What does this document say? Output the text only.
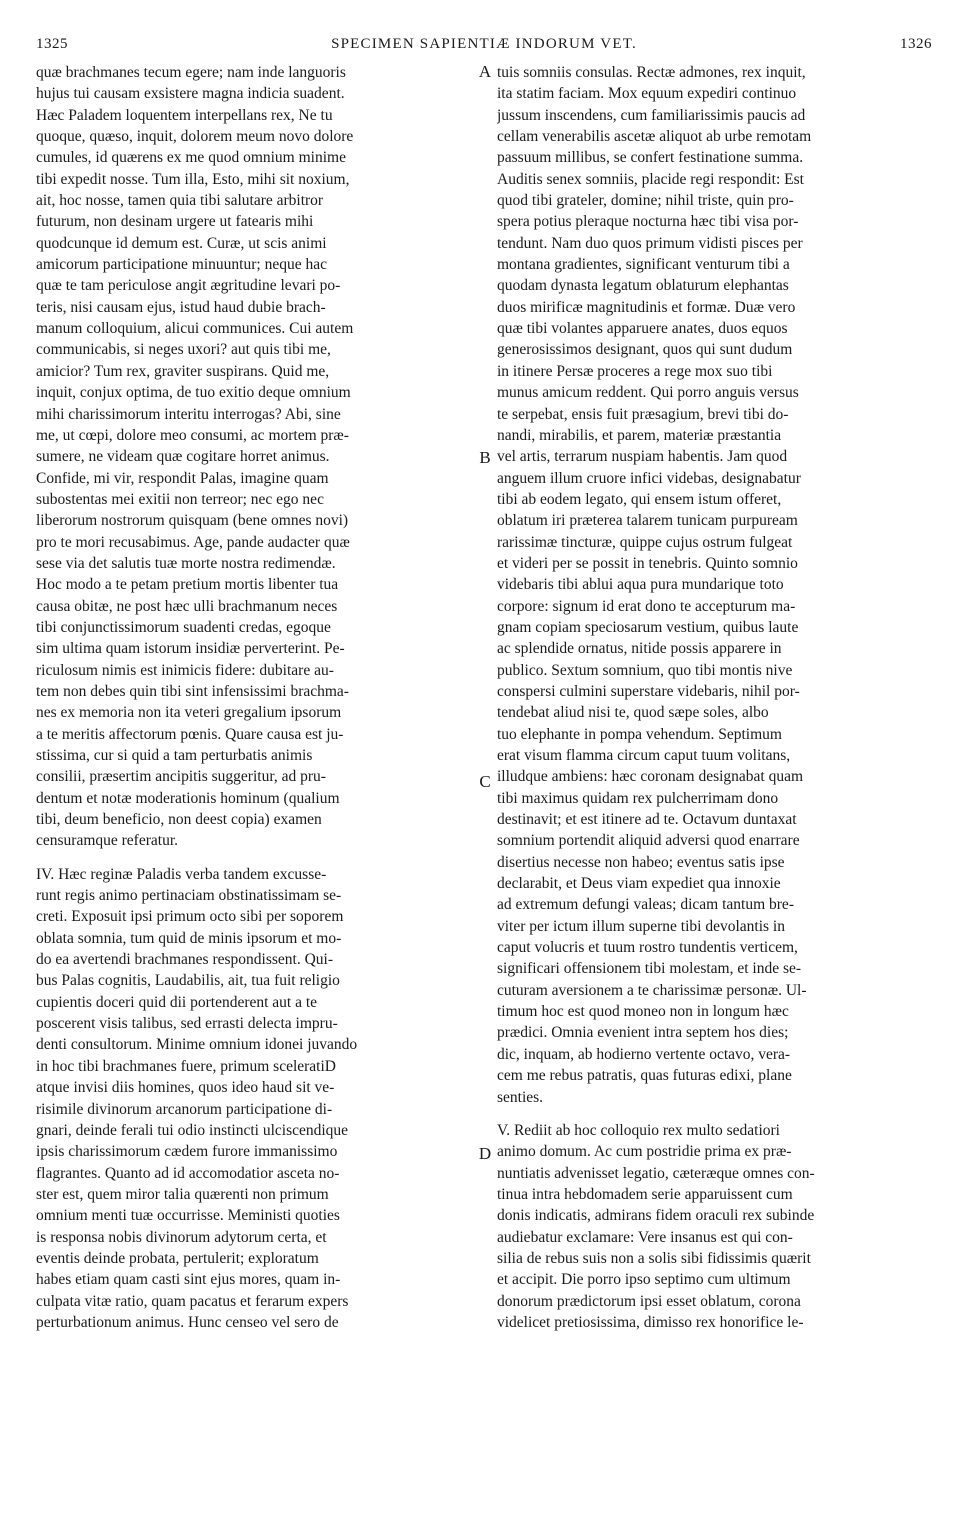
1325	SPECIMEN SAPIENTIÆ INDORUM VET.	1326
quæ brachmanes tecum egere; nam inde languoris
hujus tui causam exsistere magna indicia suadent.
Hæc Paladem loquentem interpellans rex, Ne tu
quoque, quæso, inquit, dolorem meum novo dolore
cumules, id quærens ex me quod omnium minime
tibi expedit nosse. Tum illa, Esto, mihi sit noxium,
ait, hoc nosse, tamen quia tibi salutare arbitror
futurum, non desinam urgere ut fatearis mihi
quodcunque id demum est. Curæ, ut scis animi
amicorum participatione minuuntur; neque hac
quæ te tam periculose angit ægritudine levari po-
teris, nisi causam ejus, istud haud dubie brach-
manum colloquium, alicui communices. Cui autem
communicabis, si neges uxori? aut quis tibi me,
amicior? Tum rex, graviter suspirans. Quid me,
inquit, conjux optima, de tuo exitio deque omnium
mihi charissimorum interitu interrogas? Abi, sine
me, ut cœpi, dolore meo consumi, ac mortem præ-
sumere, ne videam quæ cogitare horret animus.
Confide, mi vir, respondit Palas, imagine quam
subostentas mei exitii non terreor; nec ego nec
liberorum nostrorum quisquam (bene omnes novi)
pro te mori recusabimus. Age, pande audacter quæ
sese via det salutis tuæ morte nostra redimendæ.
Hoc modo a te petam pretium mortis libenter tua
causa obitæ, ne post hæc ulli brachmanum neces
tibi conjunctissimorum suadenti credas, egoque
sim ultima quam istorum insidiæ perverterint. Pe-
riculosum nimis est inimicis fidere: dubitare au-
tem non debes quin tibi sint infensissimi brachma-
nes ex memoria non ita veteri gregalium ipsorum
a te meritis affectorum pœnis. Quare causa est ju-
stissima, cur si quid a tam perturbatis animis
consilii, præsertim ancipitis suggeritur, ad pru-
dentum et notæ moderationis hominum (qualium
tibi, deum beneficio, non deest copia) examen
censuramque referatur.
IV. Hæc reginæ Paladis verba tandem excusse-
runt regis animo pertinaciam obstinatissimam se-
creti. Exposuit ipsi primum octo sibi per soporem
oblata somnia, tum quid de minis ipsorum et mo-
do ea avertendi brachmanes respondissent. Qui-
bus Palas cognitis, Laudabilis, ait, tua fuit religio
cupientis doceri quid dii portenderent aut a te
poscerent visis talibus, sed errasti delecta impru-
denti consultorum. Minime omnium idonei juvando
in hoc tibi brachmanes fuere, primum sceleratiD
atque invisi diis homines, quos ideo haud sit ve-
risimile divinorum arcanorum participatione di-
gnari, deinde ferali tui odio instincti ulciscendique
ipsis charissimorum cædem furore immanissimo
flagrantes. Quanto ad id accomodatior asceta no-
ster est, quem miror talia quærenti non primum
omnium menti tuæ occurrisse. Meministi quoties
is responsa nobis divinorum adytorum certa, et
eventis deinde probata, pertulerit; exploratum
habes etiam quam casti sint ejus mores, quam in-
culpata vitæ ratio, quam pacatus et ferarum expers
perturbationum animus. Hunc censeo vel sero de
tuis somniis consulas. Rectæ admones, rex inquit,
ita statim faciam. Mox equum expediri continuo
jussum inscendens, cum familiarissimis paucis ad
cellam venerabilis ascetæ aliquot ab urbe remotam
passuum millibus, se confert festinatione summa.
Auditis senex somniis, placide regi respondit: Est
quod tibi grateler, domine; nihil triste, quin pro-
spera potius pleraque nocturna hæc tibi visa por-
tendunt. Nam duo quos primum vidisti pisces per
montana gradientes, significant venturum tibi a
quodam dynasta legatum oblaturum elephantas
duos mirificæ magnitudinis et formæ. Duæ vero
quæ tibi volantes apparuere anates, duos equos
generosissimos designant, quos qui sunt dudum
in itinere Persæ proceres a rege mox suo tibi
munus amicum reddent. Qui porro anguis versus
te serpebat, ensis fuit præsagium, brevi tibi do-
nandi, mirabilis, et parem, materiæ præstantia
vel artis, terrarum nuspiam habentis. Jam quod
anguem illum cruore infici videbas, designabatur
tibi ab eodem legato, qui ensem istum offeret,
oblatum iri præterea talarem tunicam purpuream
rarissimæ tincturæ, quippe cujus ostrum fulgeat
et videri per se possit in tenebris. Quinto somnio
videbaris tibi ablui aqua pura mundarique toto
corpore: signum id erat dono te accepturum ma-
gnam copiam speciosarum vestium, quibus laute
ac splendide ornatus, nitide possis apparere in
publico. Sextum somnium, quo tibi montis nive
conspersi culmini superstare videbaris, nihil por-
tendebat aliud nisi te, quod sæpe soles, albo
tuo elephante in pompa vehendum. Septimum
erat visum flamma circum caput tuum volitans,
illudque ambiens: hæc coronam designabat quam
tibi maximus quidam rex pulcherrimam dono
destinavit; et est itinere ad te. Octavum duntaxat
somnium portendit aliquid adversi quod enarrare
disertius necesse non habeo; eventus satis ipse
declarabit, et Deus viam expediet qua innoxie
ad extremum defungi valeas; dicam tantum bre-
viter per ictum illum superne tibi devolantis in
caput volucris et tuum rostro tundentis verticem,
significari offensionem tibi molestam, et inde se-
cuturam aversionem a te charissimæ personæ. Ul-
timum hoc est quod moneo non in longum hæc
prædici. Omnia evenient intra septem hos dies;
dic, inquam, ab hodierno vertente octavo, vera-
cem me rebus patratis, quas futuras edixi, plane
senties.
V. Rediit ab hoc colloquio rex multo sedatiori
animo domum. Ac cum postridie prima ex præ-
nuntiatis advenisset legatio, cæteræque omnes con-
tinua intra hebdomadem serie apparuissent cum
donis indicatis, admirans fidem oraculi rex subinde
audiebatur exclamare: Vere insanus est qui con-
silia de rebus suis non a solis sibi fidissimis quærit
et accipit. Die porro ipso septimo cum ultimum
donorum prædictorum ipsi esset oblatum, corona
videlicet pretiosissima, dimisso rex honorifice le-
A
B
C
D
